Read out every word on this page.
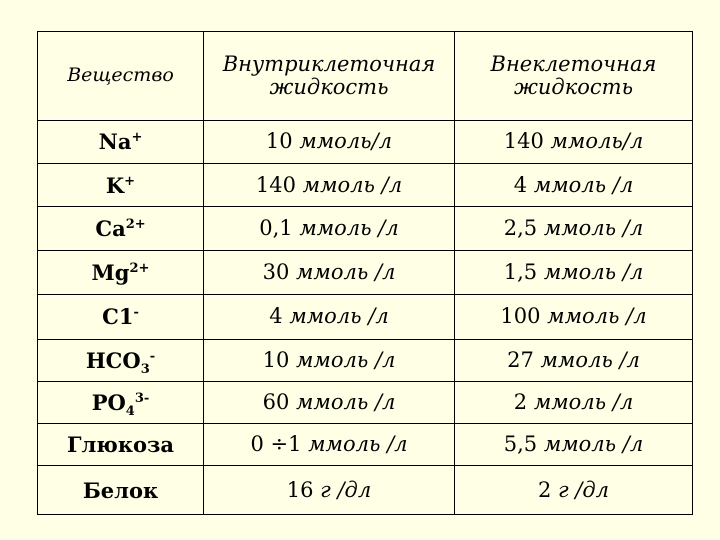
Вещество	Внутриклеточная жидкость	Внеклеточная жидкость
Na+	10 ммоль/л	140 ммоль/л
K+	140 ммоль /л	4 ммоль /л
$Ca^{2+}$	0,1 ммоль /л	2,5 ммоль /л
$Mg^{2+}$	30 ммоль /л	1,5 ммоль /л
C1-	4 ммоль /л	100 ммоль /л
$HCO_3^-$	10 ммоль /л	27 ммоль /л
$PO_4^{3-}$	60 ммоль /л	2 ммоль /л
Глюкоза	0 ÷1 ммоль /л	5,5 ммоль /л
Белок	16 г /дл	2 г /дл
